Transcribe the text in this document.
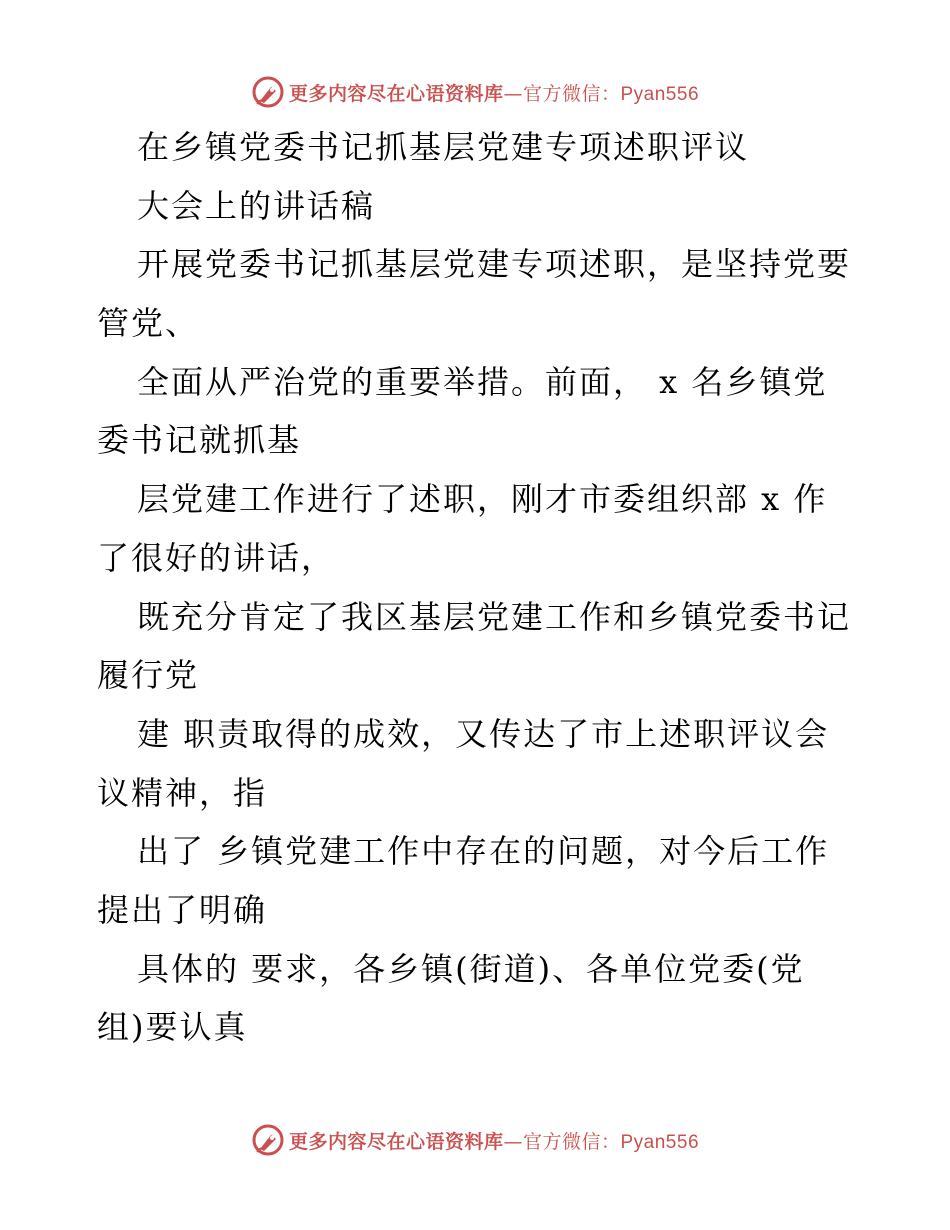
更多内容尽在心语资料库—官方微信：Pyan556
在乡镇党委书记抓基层党建专项述职评议
大会上的讲话稿
开展党委书记抓基层党建专项述职，是坚持党要
管党、
全面从严治党的重要举措。前面， x 名乡镇党
委书记就抓基
层党建工作进行了述职，刚才市委组织部 x 作
了很好的讲话，
既充分肯定了我区基层党建工作和乡镇党委书记
履行党
建 职责取得的成效，又传达了市上述职评议会
议精神，指
出了 乡镇党建工作中存在的问题，对今后工作
提出了明确
具体的 要求，各乡镇(街道)、各单位党委(党
组)要认真
更多内容尽在心语资料库—官方微信：Pyan556
